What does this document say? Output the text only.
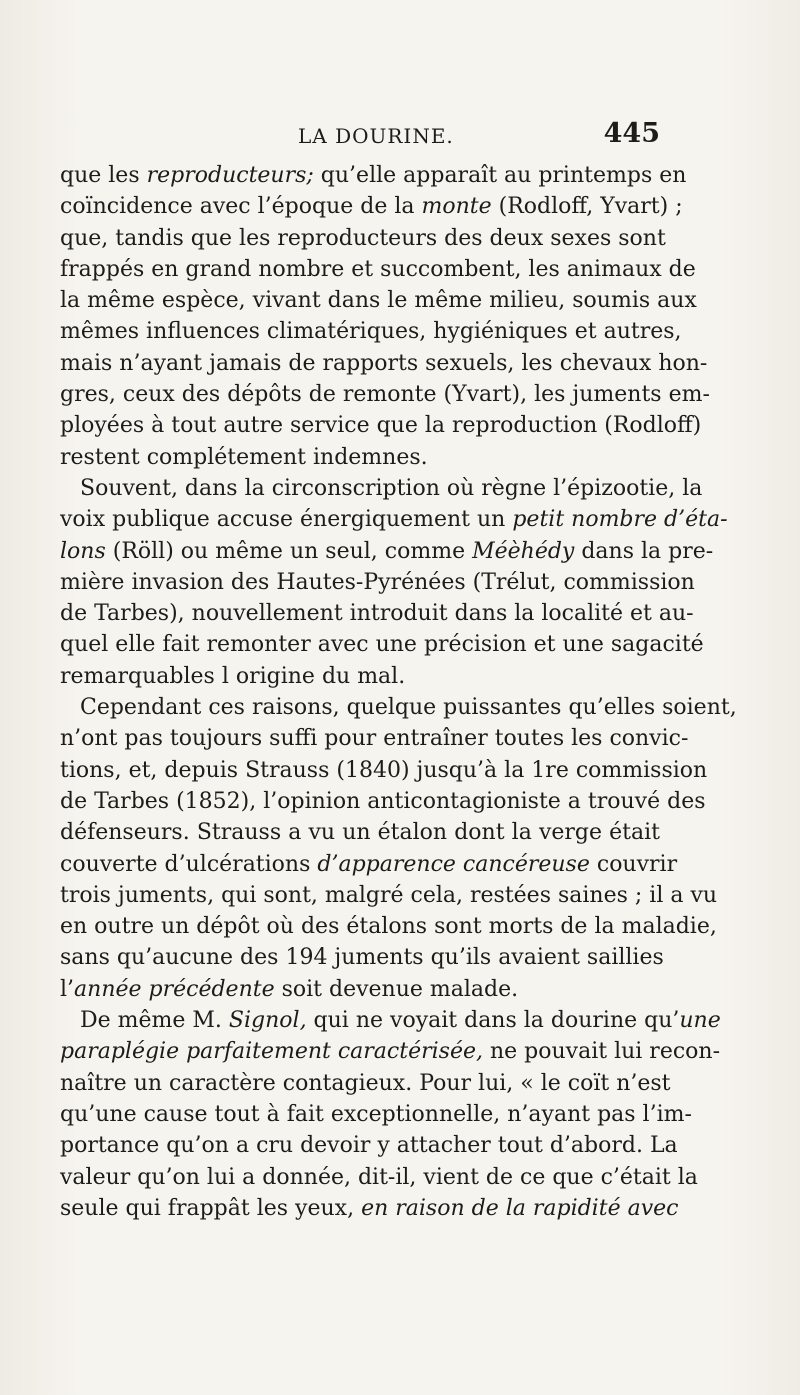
LA DOURINE.	445
que les reproducteurs; qu’elle apparaît au printemps en
coïncidence avec l’époque de la monte (Rodloff, Yvart) ;
que, tandis que les reproducteurs des deux sexes sont
frappés en grand nombre et succombent, les animaux de
la même espèce, vivant dans le même milieu, soumis aux
mêmes influences climatériques, hygiéniques et autres,
mais n’ayant jamais de rapports sexuels, les chevaux hon-
gres, ceux des dépôts de remonte (Yvart), les juments em-
ployées à tout autre service que la reproduction (Rodloff)
restent complétement indemnes.
Souvent, dans la circonscription où règne l’épizootie, la
voix publique accuse énergiquement un petit nombre d’éta-
lons (Röll) ou même un seul, comme Méèhédy dans la pre-
mière invasion des Hautes-Pyrénées (Trélut, commission
de Tarbes), nouvellement introduit dans la localité et au-
quel elle fait remonter avec une précision et une sagacité
remarquables l origine du mal.
Cependant ces raisons, quelque puissantes qu’elles soient,
n’ont pas toujours suffi pour entraîner toutes les convic-
tions, et, depuis Strauss (1840) jusqu’à la 1re commission
de Tarbes (1852), l’opinion anticontagioniste a trouvé des
défenseurs. Strauss a vu un étalon dont la verge était
couverte d’ulcérations d’apparence cancéreuse couvrir
trois juments, qui sont, malgré cela, restées saines ; il a vu
en outre un dépôt où des étalons sont morts de la maladie,
sans qu’aucune des 194 juments qu’ils avaient saillies
l’année précédente soit devenue malade.
De même M. Signol, qui ne voyait dans la dourine qu’une
paraplégie parfaitement caractérisée, ne pouvait lui recon-
naître un caractère contagieux. Pour lui, « le coït n’est
qu’une cause tout à fait exceptionnelle, n’ayant pas l’im-
portance qu’on a cru devoir y attacher tout d’abord. La
valeur qu’on lui a donnée, dit-il, vient de ce que c’était la
seule qui frappât les yeux, en raison de la rapidité avec
